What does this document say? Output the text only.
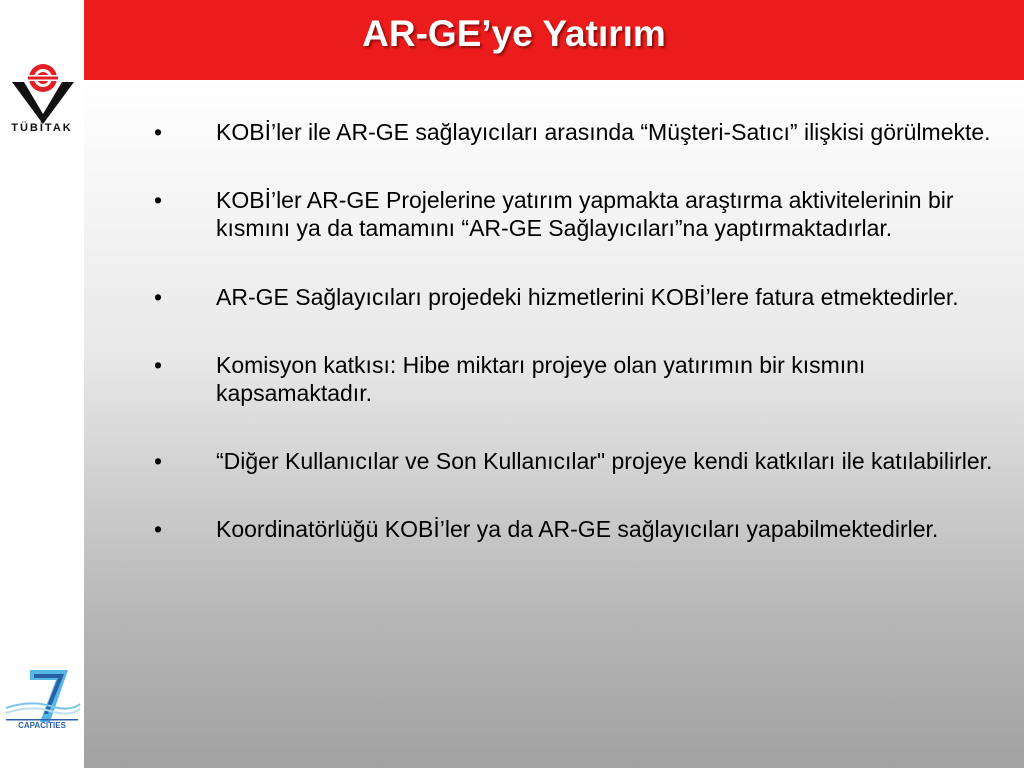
TÜBİTAK
CAPACITIES
AR-GE’ye Yatırım
• KOBİ’ler ile AR-GE sağlayıcıları arasında “Müşteri-Satıcı” ilişkisi görülmekte.
• KOBİ’ler AR-GE Projelerine yatırım yapmakta araştırma aktivitelerinin bir kısmını ya da tamamını “AR-GE Sağlayıcıları”na yaptırmaktadırlar.
• AR-GE Sağlayıcıları projedeki hizmetlerini KOBİ’lere fatura etmektedirler.
• Komisyon katkısı: Hibe miktarı projeye olan yatırımın bir kısmını kapsamaktadır.
• “Diğer Kullanıcılar ve Son Kullanıcılar" projeye kendi katkıları ile katılabilirler.
• Koordinatörlüğü KOBİ’ler ya da AR-GE sağlayıcıları yapabilmektedirler.
